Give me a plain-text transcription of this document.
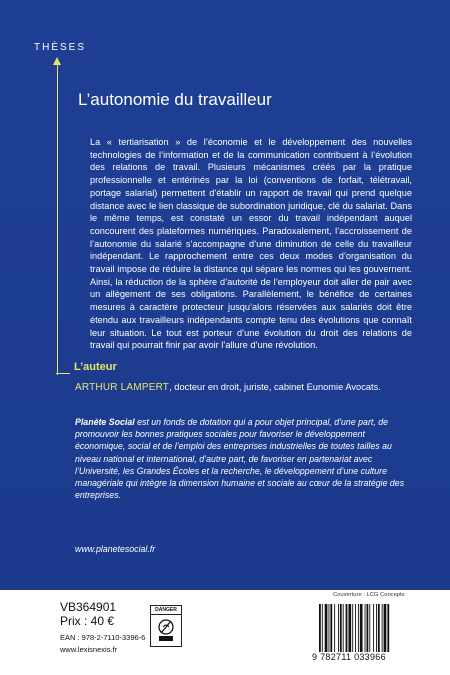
THÈSES
L’autonomie du travailleur

La « tertiarisation » de l’économie et le développement des nouvelles technologies de l’information et de la communication contribuent à l’évolution des relations de travail. Plusieurs mécanismes créés par la pratique professionnelle et entérinés par la loi (conventions de forfait, télétravail, portage salarial) permettent d’établir un rapport de travail qui prend quelque distance avec le lien classique de subordination juridique, clé du salariat. Dans le même temps, est constaté un essor du travail indépendant auquel concourent des plateformes numériques. Paradoxalement, l’accroissement de l’autonomie du salarié s’accompagne d’une diminution de celle du travailleur indépendant. Le rapprochement entre ces deux modes d’organisation du travail impose de réduire la distance qui sépare les normes qui les gouvernent. Ainsi, la réduction de la sphère d’autorité de l’employeur doit aller de pair avec un allègement de ses obligations. Parallèlement, le bénéfice de certaines mesures à caractère protecteur jusqu’alors réservées aux salariés doit être étendu aux travailleurs indépendants compte tenu des évolutions que connaît leur situation. Le tout est porteur d’une évolution du droit des relations de travail qui pourrait finir par avoir l’allure d’une révolution.

L’auteur
ARTHUR LAMPERT, docteur en droit, juriste, cabinet Eunomie Avocats.

Planète Social est un fonds de dotation qui a pour objet principal, d’une part, de promouvoir les bonnes pratiques sociales pour favoriser le développement économique, social et de l’emploi des entreprises industrielles de toutes tailles au niveau national et international, d’autre part, de favoriser en partenariat avec l’Université, les Grandes Écoles et la recherche, le développement d’une culture managériale qui intègre la dimension humaine et sociale au cœur de la stratégie des entreprises.

www.planetesocial.fr
VB364901
Prix : 40 €
EAN : 978-2-7110-3396-6
www.lexisnexis.fr
DANGER
Couverture : LCG Concepts
9 782711 033966
